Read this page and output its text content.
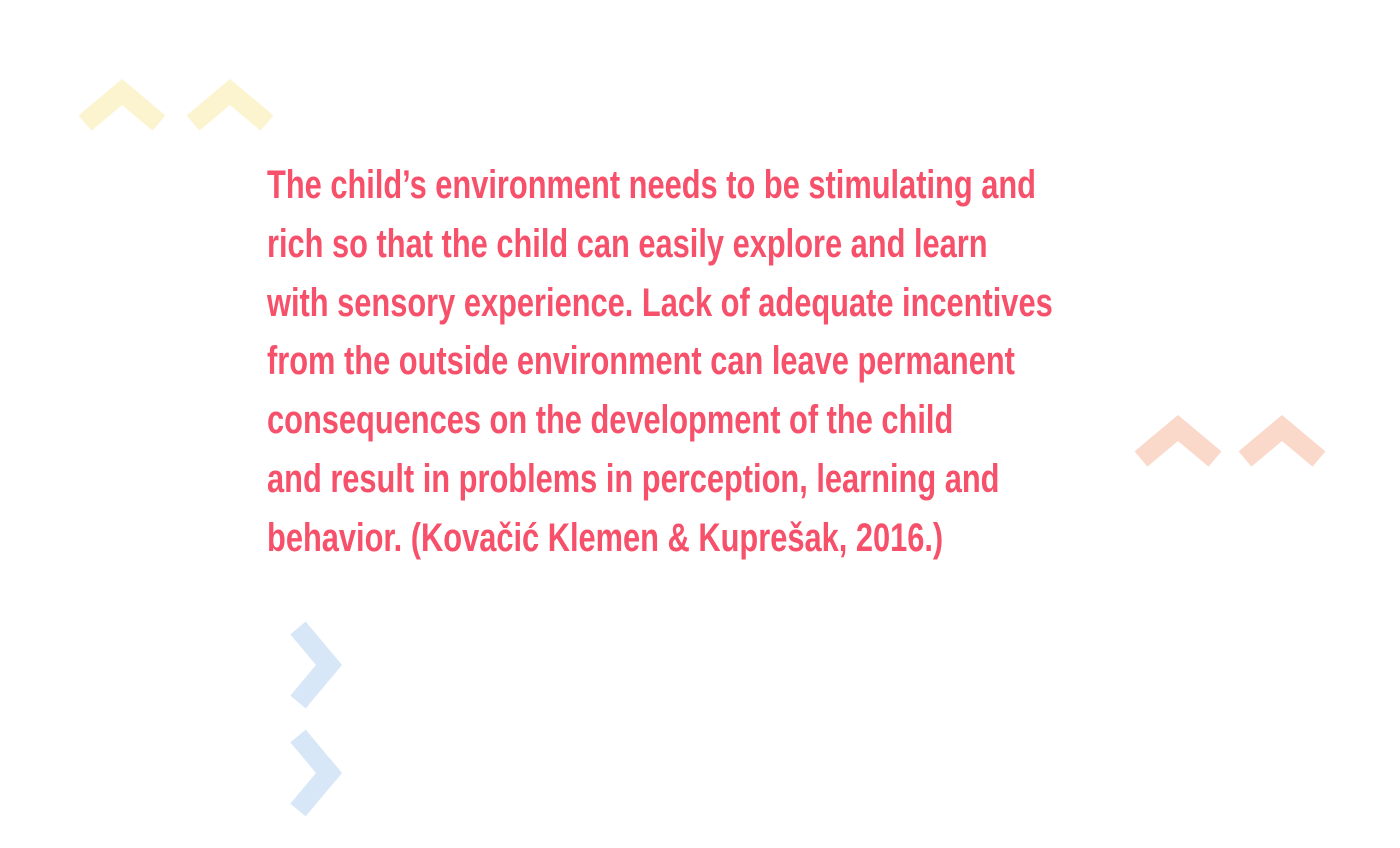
The child’s environment needs to be stimulating and
rich so that the child can easily explore and learn
with sensory experience. Lack of adequate incentives
from the outside environment can leave permanent
consequences on the development of the child
and result in problems in perception, learning and
behavior. (Kovačić Klemen & Kuprešak, 2016.)
